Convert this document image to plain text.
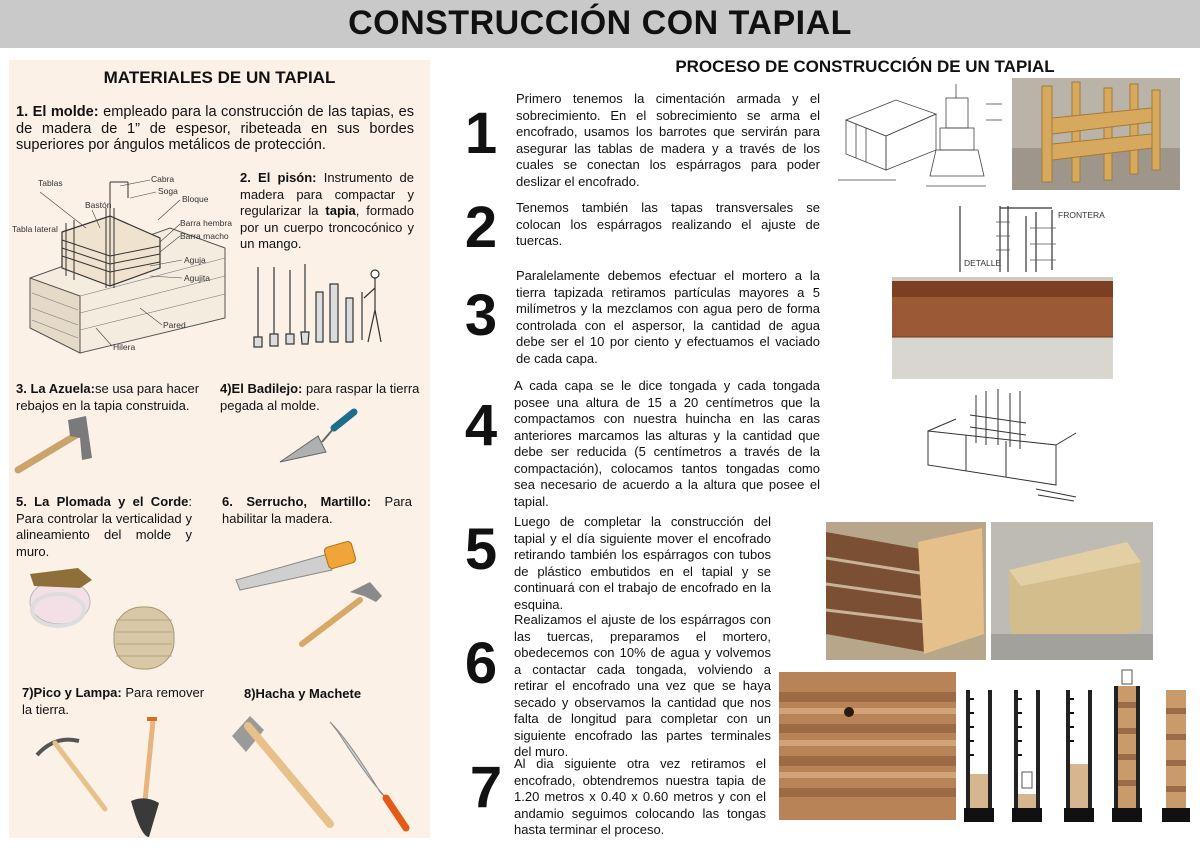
CONSTRUCCIÓN CON TAPIAL
MATERIALES DE UN TAPIAL
1. El molde: empleado para la construcción de las tapias, es de madera de 1” de espesor, ribeteada en sus bordes superiores por ángulos metálicos de protección.
Tablas
Bastón
Cabra
Soga
Bloque
Tabla lateral
Barra hembra
Barra macho
Aguja
Agujita
Pared
Hilera
2. El pisón: Instrumento de madera para compactar y regularizar la tapia, formado por un cuerpo troncocónico y un mango.
3. La Azuela:se usa para hacer rebajos en la tapia construida.
4)El Badilejo: para raspar la tierra pegada al molde.
5. La Plomada y el Corde: Para controlar la verticalidad y alineamiento del molde y muro.
6. Serrucho, Martillo: Para habilitar la madera.
7)Pico y Lampa: Para remover la tierra.
8)Hacha y Machete
PROCESO DE CONSTRUCCIÓN DE UN TAPIAL
1
Primero tenemos la cimentación armada y el sobrecimiento. En el sobrecimiento se arma el encofrado, usamos los barrotes que servirán para asegurar las tablas de madera y a través de los cuales se conectan los espárragos para poder deslizar el encofrado.
2	Tenemos también las tapas transversales se colocan los espárragos realizando el ajuste de tuercas.
3
Paralelamente debemos efectuar el mortero a la tierra tapizada retiramos partículas mayores a 5 milímetros y la mezclamos con agua pero de forma controlada con el aspersor, la cantidad de agua debe ser el 10 por ciento y efectuamos el vaciado de cada capa.
4
A cada capa se le dice tongada y cada tongada posee una altura de 15 a 20 centímetros que la compactamos con nuestra huincha en las caras anteriores marcamos las alturas y la cantidad que debe ser reducida (5 centímetros a través de la compactación), colocamos tantos tongadas como sea necesario de acuerdo a la altura que posee el tapial.
5	Luego de completar la construcción del tapial y el día siguiente mover el encofrado retirando también los espárragos con tubos de plástico embutidos en el tapial y se continuará con el trabajo de encofrado en la esquina.
6
Realizamos el ajuste de los espárragos con las tuercas, preparamos el mortero, obedecemos con 10% de agua y volvemos a contactar cada tongada, volviendo a retirar el encofrado una vez que se haya secado y observamos la cantidad que nos falta de longitud para completar con un siguiente encofrado las partes terminales del muro.
7 Al dia siguiente otra vez retiramos el encofrado, obtendremos nuestra tapia de 1.20 metros x 0.40 x 0.60 metros y con el andamio seguimos colocando las tongas hasta terminar el proceso.
FRONTERA
DETALLE
